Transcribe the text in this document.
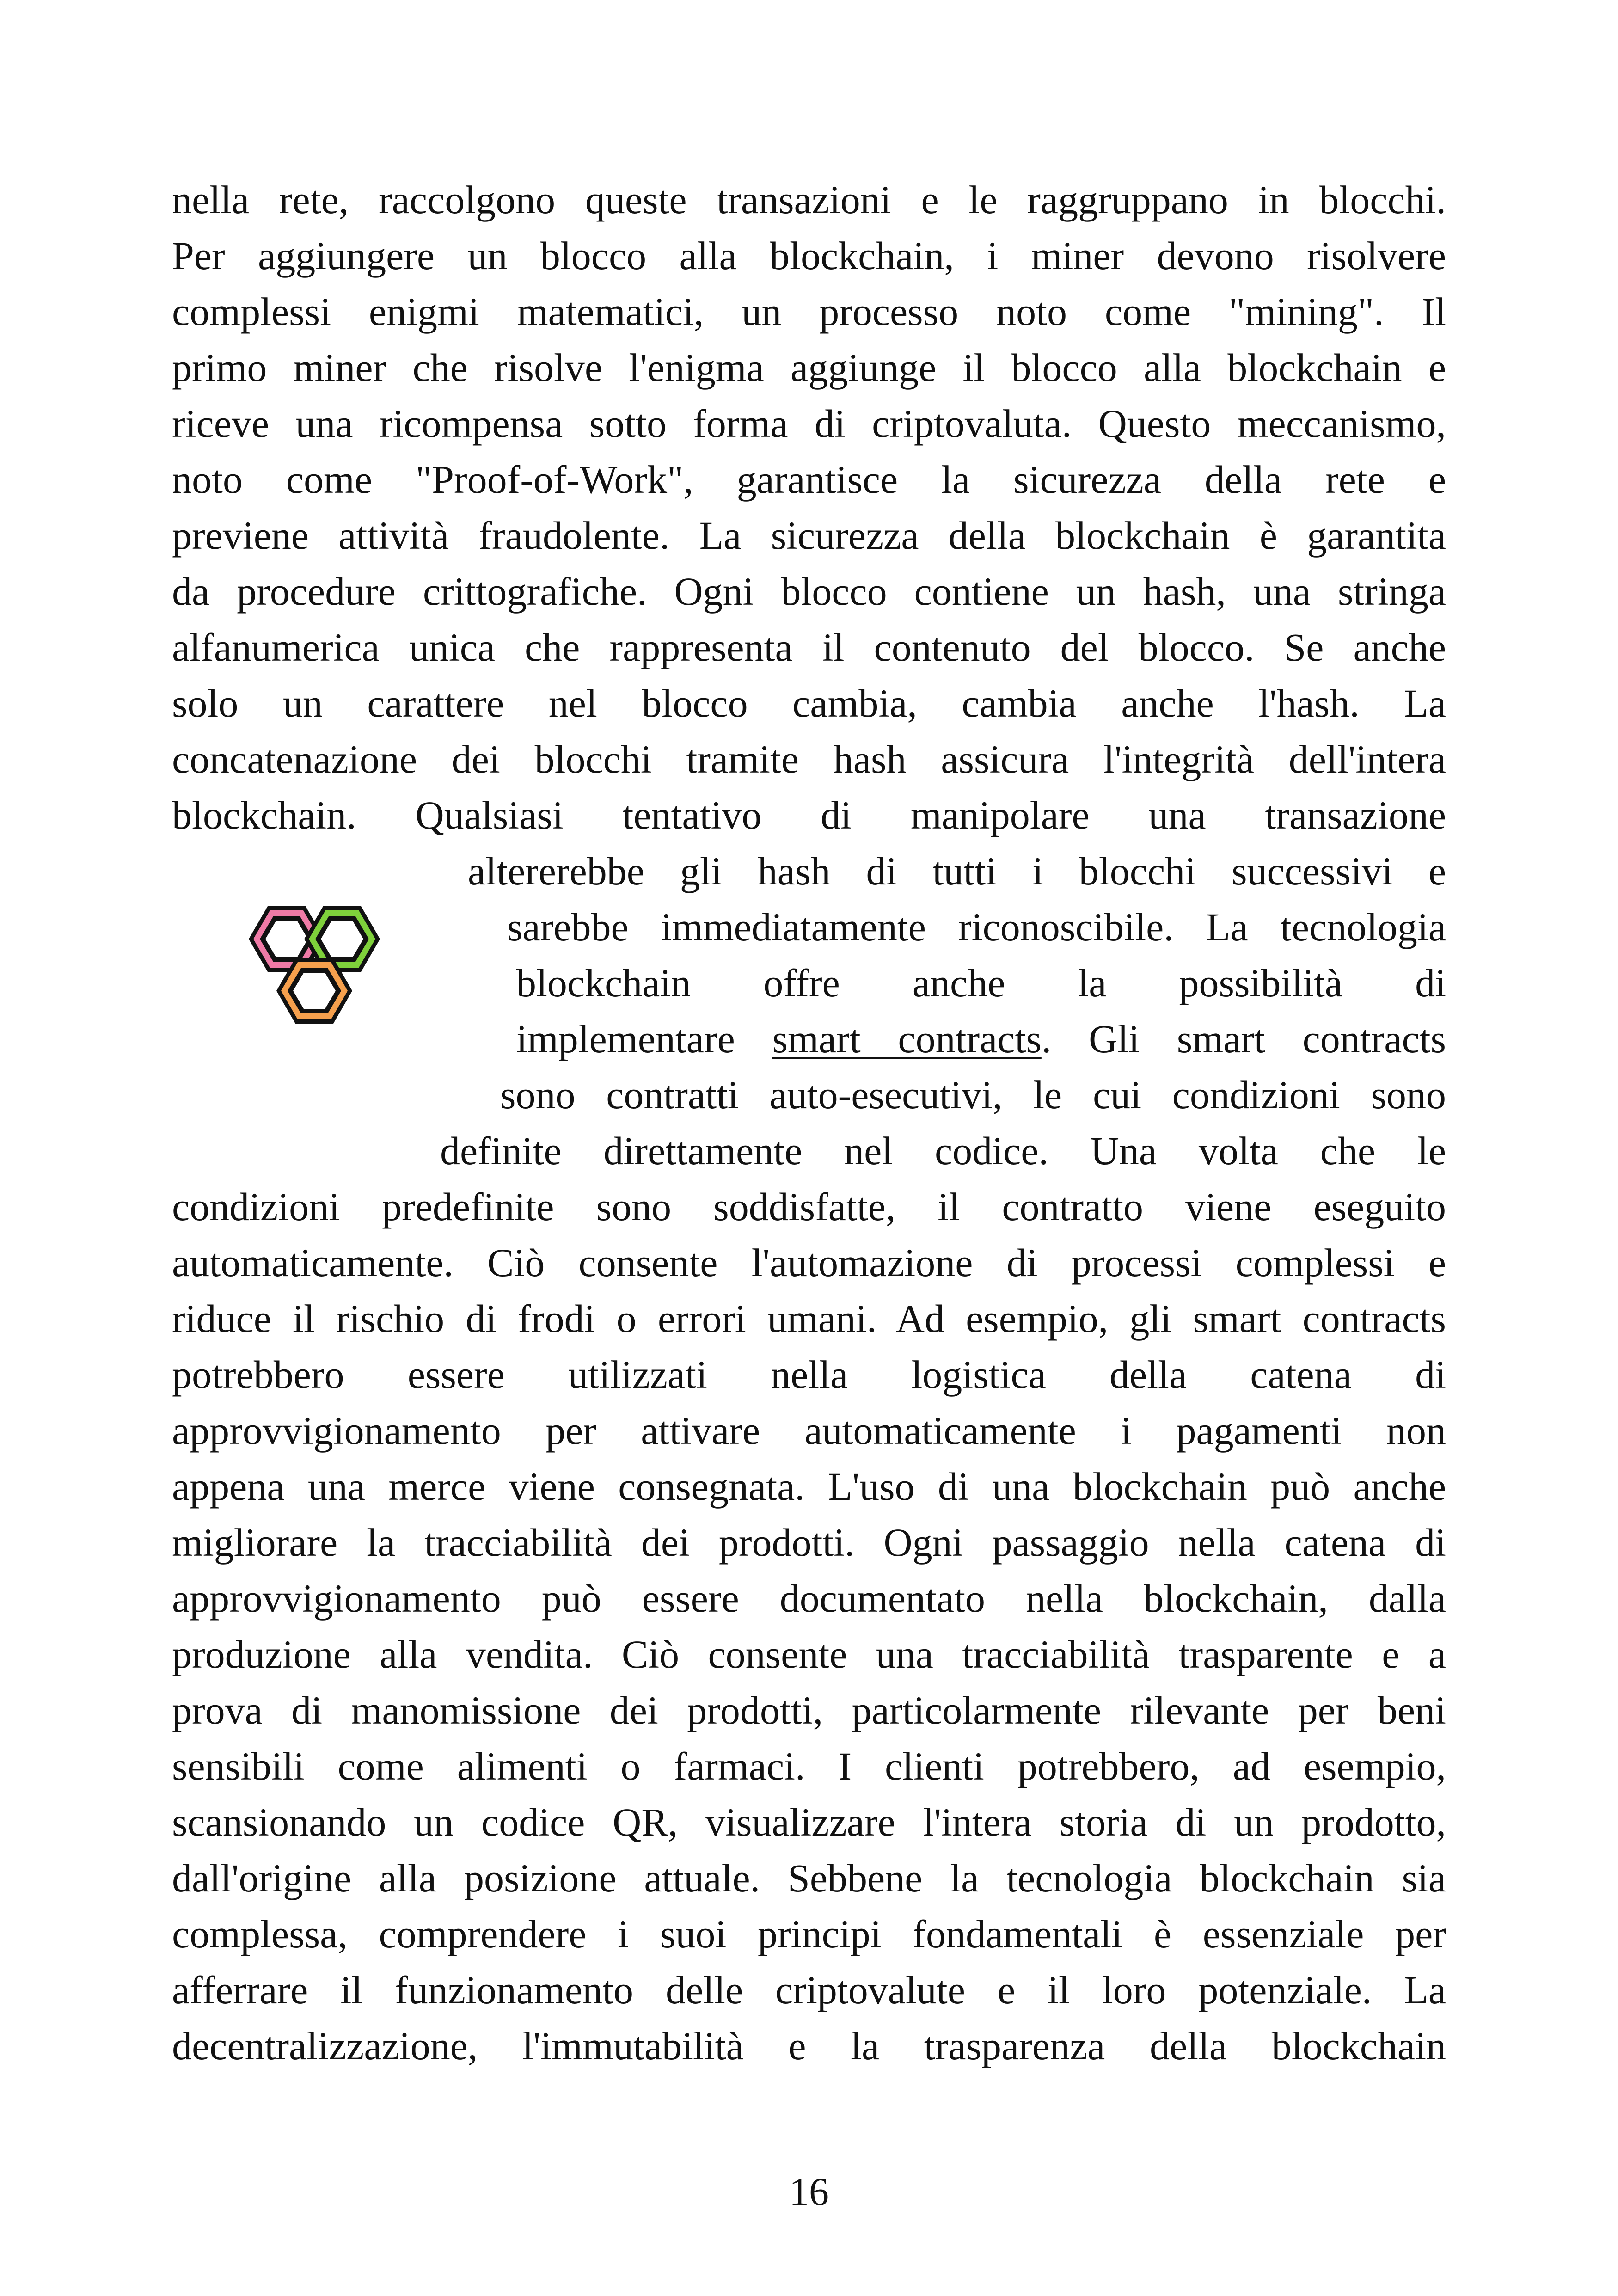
nella rete, raccolgono queste transazioni e le raggruppano in blocchi.
Per aggiungere un blocco alla blockchain, i miner devono risolvere
complessi enigmi matematici, un processo noto come "mining". Il
primo miner che risolve l'enigma aggiunge il blocco alla blockchain e
riceve una ricompensa sotto forma di criptovaluta. Questo meccanismo,
noto come "Proof-of-Work", garantisce la sicurezza della rete e
previene attività fraudolente. La sicurezza della blockchain è garantita
da procedure crittografiche. Ogni blocco contiene un hash, una stringa
alfanumerica unica che rappresenta il contenuto del blocco. Se anche
solo un carattere nel blocco cambia, cambia anche l'hash. La
concatenazione dei blocchi tramite hash assicura l'integrità dell'intera
blockchain. Qualsiasi tentativo di manipolare una transazione
altererebbe gli hash di tutti i blocchi successivi e
sarebbe immediatamente riconoscibile. La tecnologia
blockchain offre anche la possibilità di
implementare smart contracts. Gli smart contracts
sono contratti auto-esecutivi, le cui condizioni sono
definite direttamente nel codice. Una volta che le
condizioni predefinite sono soddisfatte, il contratto viene eseguito
automaticamente. Ciò consente l'automazione di processi complessi e
riduce il rischio di frodi o errori umani. Ad esempio, gli smart contracts
potrebbero essere utilizzati nella logistica della catena di
approvvigionamento per attivare automaticamente i pagamenti non
appena una merce viene consegnata. L'uso di una blockchain può anche
migliorare la tracciabilità dei prodotti. Ogni passaggio nella catena di
approvvigionamento può essere documentato nella blockchain, dalla
produzione alla vendita. Ciò consente una tracciabilità trasparente e a
prova di manomissione dei prodotti, particolarmente rilevante per beni
sensibili come alimenti o farmaci. I clienti potrebbero, ad esempio,
scansionando un codice QR, visualizzare l'intera storia di un prodotto,
dall'origine alla posizione attuale. Sebbene la tecnologia blockchain sia
complessa, comprendere i suoi principi fondamentali è essenziale per
afferrare il funzionamento delle criptovalute e il loro potenziale. La
decentralizzazione, l'immutabilità e la trasparenza della blockchain
16
